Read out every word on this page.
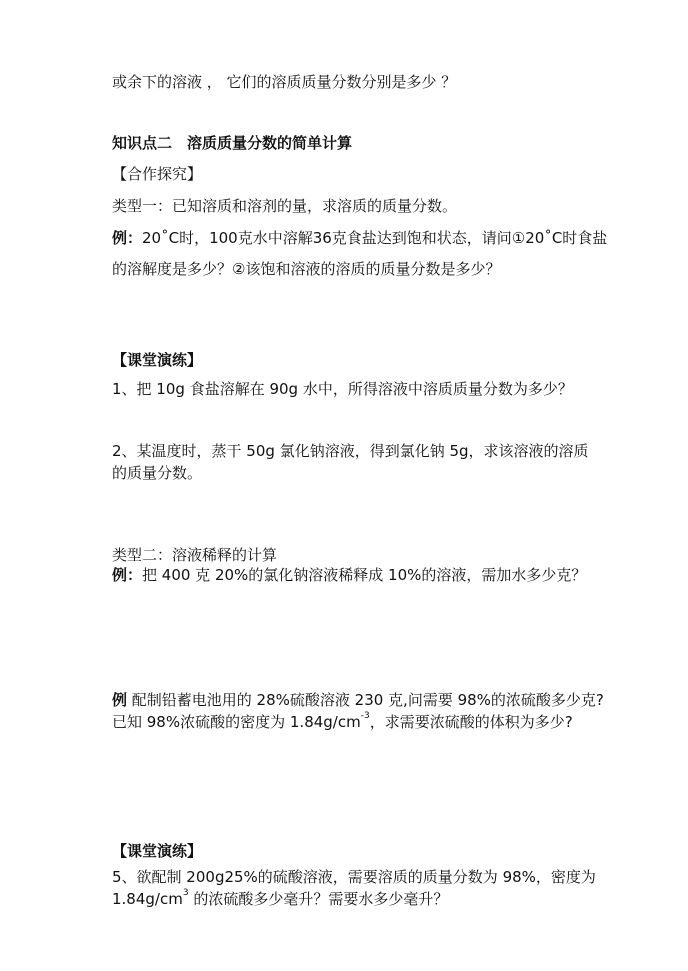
或余下的溶液 ， 它们的溶质质量分数分别是多少 ？
知识点二　溶质质量分数的简单计算
【合作探究】
类型一：已知溶质和溶剂的量，求溶质的质量分数。
例：20˚C时，100克水中溶解36克食盐达到饱和状态，请问①20˚C时食盐
的溶解度是多少？②该饱和溶液的溶质的质量分数是多少？
【课堂演练】
1、把 10g 食盐溶解在 90g 水中，所得溶液中溶质质量分数为多少？
2、某温度时，蒸干 50g 氯化钠溶液，得到氯化钠 5g，求该溶液的溶质
的质量分数。
类型二：溶液稀释的计算
例：把 400 克 20%的氯化钠溶液稀释成 10%的溶液，需加水多少克？
例 配制铅蓄电池用的 28%硫酸溶液 230 克,问需要 98%的浓硫酸多少克?
已知 98%浓硫酸的密度为 $1.84g/cm^{-3}$，求需要浓硫酸的体积为多少?
【课堂演练】
5、欲配制 200g25%的硫酸溶液，需要溶质的质量分数为 98%，密度为
$1.84g/cm^3$ 的浓硫酸多少毫升？需要水多少毫升？
